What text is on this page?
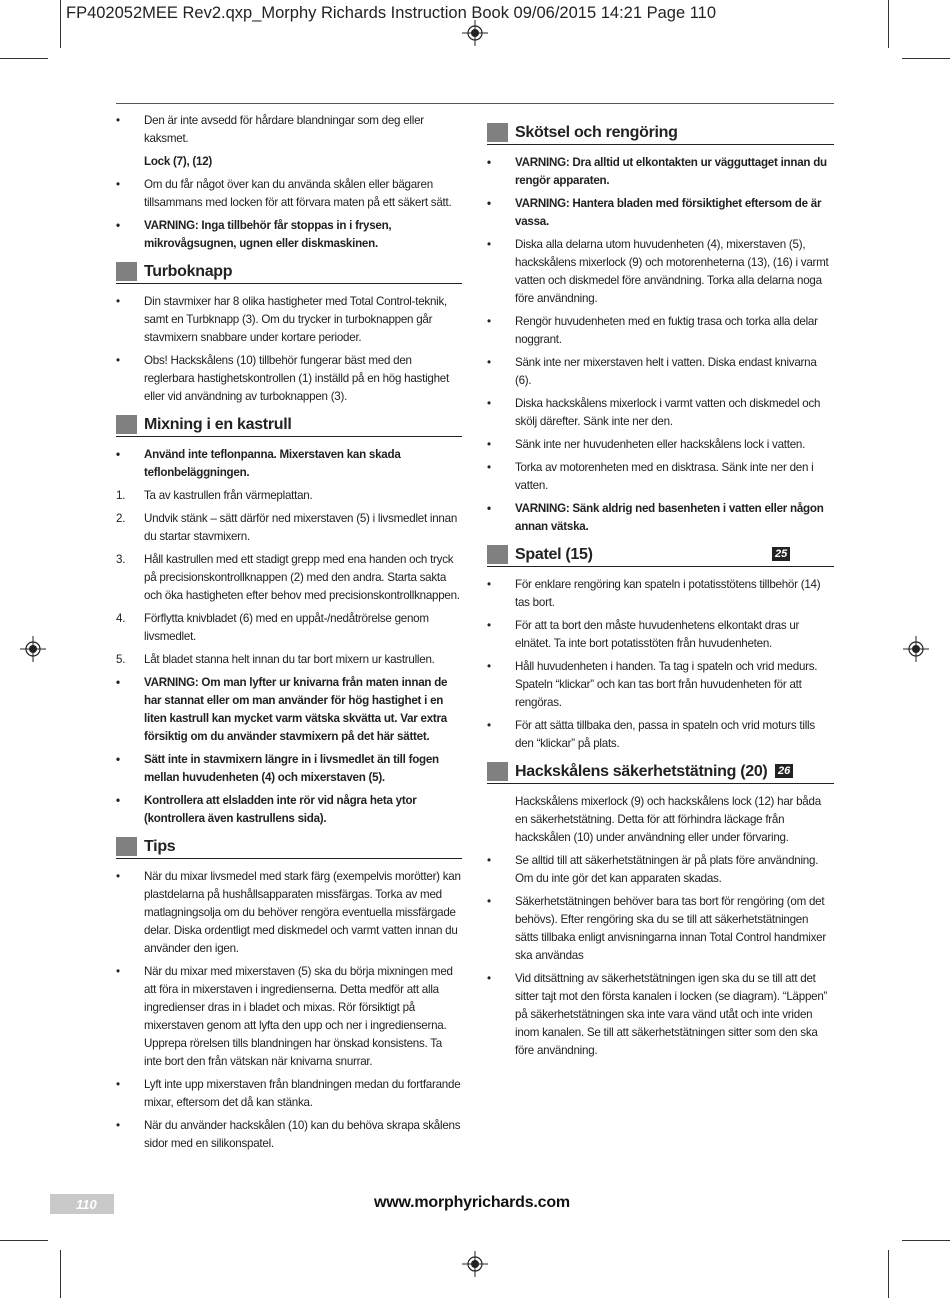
FP402052MEE Rev2.qxp_Morphy Richards Instruction Book 09/06/2015 14:21 Page 110
• Den är inte avsedd för hårdare blandningar som deg eller kaksmet.
Lock (7), (12)
• Om du får något över kan du använda skålen eller bägaren tillsammans med locken för att förvara maten på ett säkert sätt.
• VARNING: Inga tillbehör får stoppas in i frysen, mikrovågsugnen, ugnen eller diskmaskinen.
Turboknapp
• Din stavmixer har 8 olika hastigheter med Total Control-teknik, samt en Turbknapp (3). Om du trycker in turboknappen går stavmixern snabbare under kortare perioder.
• Obs! Hackskålens (10) tillbehör fungerar bäst med den reglerbara hastighetskontrollen (1) inställd på en hög hastighet eller vid användning av turboknappen (3).
Mixning i en kastrull
• Använd inte teflonpanna. Mixerstaven kan skada teflonbeläggningen.
1. Ta av kastrullen från värmeplattan.
2. Undvik stänk – sätt därför ned mixerstaven (5) i livsmedlet innan du startar stavmixern.
3. Håll kastrullen med ett stadigt grepp med ena handen och tryck på precisionskontrollknappen (2) med den andra. Starta sakta och öka hastigheten efter behov med precisionskontrollknappen.
4. Förflytta knivbladet (6) med en uppåt-/nedåtrörelse genom livsmedlet.
5. Låt bladet stanna helt innan du tar bort mixern ur kastrullen.
• VARNING: Om man lyfter ur knivarna från maten innan de har stannat eller om man använder för hög hastighet i en liten kastrull kan mycket varm vätska skvätta ut. Var extra försiktig om du använder stavmixern på det här sättet.
• Sätt inte in stavmixern längre in i livsmedlet än till fogen mellan huvudenheten (4) och mixerstaven (5).
• Kontrollera att elsladden inte rör vid några heta ytor (kontrollera även kastrullens sida).
Tips
• När du mixar livsmedel med stark färg (exempelvis morötter) kan plastdelarna på hushållsapparaten missfärgas. Torka av med matlagningsolja om du behöver rengöra eventuella missfärgade delar. Diska ordentligt med diskmedel och varmt vatten innan du använder den igen.
• När du mixar med mixerstaven (5) ska du börja mixningen med att föra in mixerstaven i ingredienserna. Detta medför att alla ingredienser dras in i bladet och mixas. Rör försiktigt på mixerstaven genom att lyfta den upp och ner i ingredienserna. Upprepa rörelsen tills blandningen har önskad konsistens. Ta inte bort den från vätskan när knivarna snurrar.
• Lyft inte upp mixerstaven från blandningen medan du fortfarande mixar, eftersom det då kan stänka.
• När du använder hackskålen (10) kan du behöva skrapa skålens sidor med en silikonspatel.
Skötsel och rengöring
• VARNING: Dra alltid ut elkontakten ur vägguttaget innan du rengör apparaten.
• VARNING: Hantera bladen med försiktighet eftersom de är vassa.
• Diska alla delarna utom huvudenheten (4), mixerstaven (5), hackskålens mixerlock (9) och motorenheterna (13), (16) i varmt vatten och diskmedel före användning. Torka alla delarna noga före användning.
• Rengör huvudenheten med en fuktig trasa och torka alla delar noggrant.
• Sänk inte ner mixerstaven helt i vatten. Diska endast knivarna (6).
• Diska hackskålens mixerlock i varmt vatten och diskmedel och skölj därefter. Sänk inte ner den.
• Sänk inte ner huvudenheten eller hackskålens lock i vatten.
• Torka av motorenheten med en disktrasa. Sänk inte ner den i vatten.
• VARNING: Sänk aldrig ned basenheten i vatten eller någon annan vätska.
Spatel (15)	25
• För enklare rengöring kan spateln i potatisstötens tillbehör (14) tas bort.
• För att ta bort den måste huvudenhetens elkontakt dras ur elnätet. Ta inte bort potatisstöten från huvudenheten.
• Håll huvudenheten i handen. Ta tag i spateln och vrid medurs. Spateln “klickar” och kan tas bort från huvudenheten för att rengöras.
• För att sätta tillbaka den, passa in spateln och vrid moturs tills den “klickar” på plats.
Hackskålens säkerhetstätning (20) 26
Hackskålens mixerlock (9) och hackskålens lock (12) har båda en säkerhetstätning. Detta för att förhindra läckage från hackskålen (10) under användning eller under förvaring.
• Se alltid till att säkerhetstätningen är på plats före användning. Om du inte gör det kan apparaten skadas.
• Säkerhetstätningen behöver bara tas bort för rengöring (om det behövs). Efter rengöring ska du se till att säkerhetstätningen sätts tillbaka enligt anvisningarna innan Total Control handmixer ska användas
• Vid ditsättning av säkerhetstätningen igen ska du se till att det sitter tajt mot den första kanalen i locken (se diagram). “Läppen” på säkerhetstätningen ska inte vara vänd utåt och inte vriden inom kanalen. Se till att säkerhetstätningen sitter som den ska före användning.
110	www.morphyrichards.com
